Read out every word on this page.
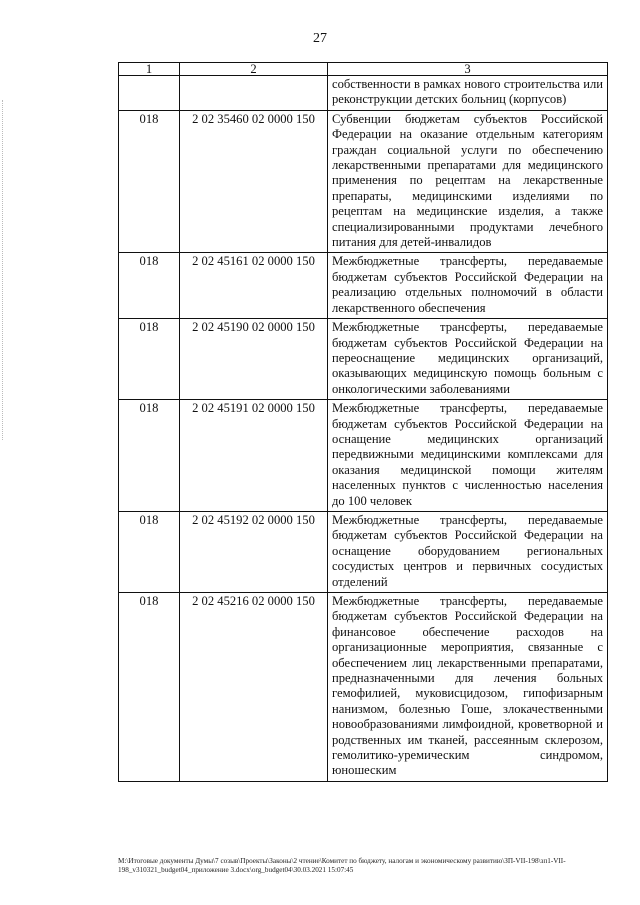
27
1	2	3
		собственности в рамках нового строительства или реконструкции детских больниц (корпусов)
018	2 02 35460 02 0000 150	Субвенции бюджетам субъектов Российской Федерации на оказание отдельным категориям граждан социальной услуги по обеспечению лекарственными препаратами для медицинского применения по рецептам на лекарственные препараты, медицинскими изделиями по рецептам на медицинские изделия, а также специализированными продуктами лечебного питания для детей-инвалидов
018	2 02 45161 02 0000 150	Межбюджетные трансферты, передаваемые бюджетам субъектов Российской Федерации на реализацию отдельных полномочий в области лекарственного обеспечения
018	2 02 45190 02 0000 150	Межбюджетные трансферты, передаваемые бюджетам субъектов Российской Федерации на переоснащение медицинских организаций, оказывающих медицинскую помощь больным с онкологическими заболеваниями
018	2 02 45191 02 0000 150	Межбюджетные трансферты, передаваемые бюджетам субъектов Российской Федерации на оснащение медицинских организаций передвижными медицинскими комплексами для оказания медицинской помощи жителям населенных пунктов с численностью населения до 100 человек
018	2 02 45192 02 0000 150	Межбюджетные трансферты, передаваемые бюджетам субъектов Российской Федерации на оснащение оборудованием региональных сосудистых центров и первичных сосудистых отделений
018	2 02 45216 02 0000 150	Межбюджетные трансферты, передаваемые бюджетам субъектов Российской Федерации на финансовое обеспечение расходов на организационные мероприятия, связанные с обеспечением лиц лекарственными препаратами, предназначенными для лечения больных гемофилией, муковисцидозом, гипофизарным нанизмом, болезнью Гоше, злокачественными новообразованиями лимфоидной, кроветворной и родственных им тканей, рассеянным склерозом, гемолитико-уремическим синдромом, юношеским
М:\Итоговые документы Думы\7 созыв\Проекты\Законы\2 чтение\Комитет по бюджету, налогам и экономическому развитию\ЗП-VII-198\зп1-VII-
198_v310321_budget04_приложение 3.docx\org_budget04\30.03.2021 15:07:45
